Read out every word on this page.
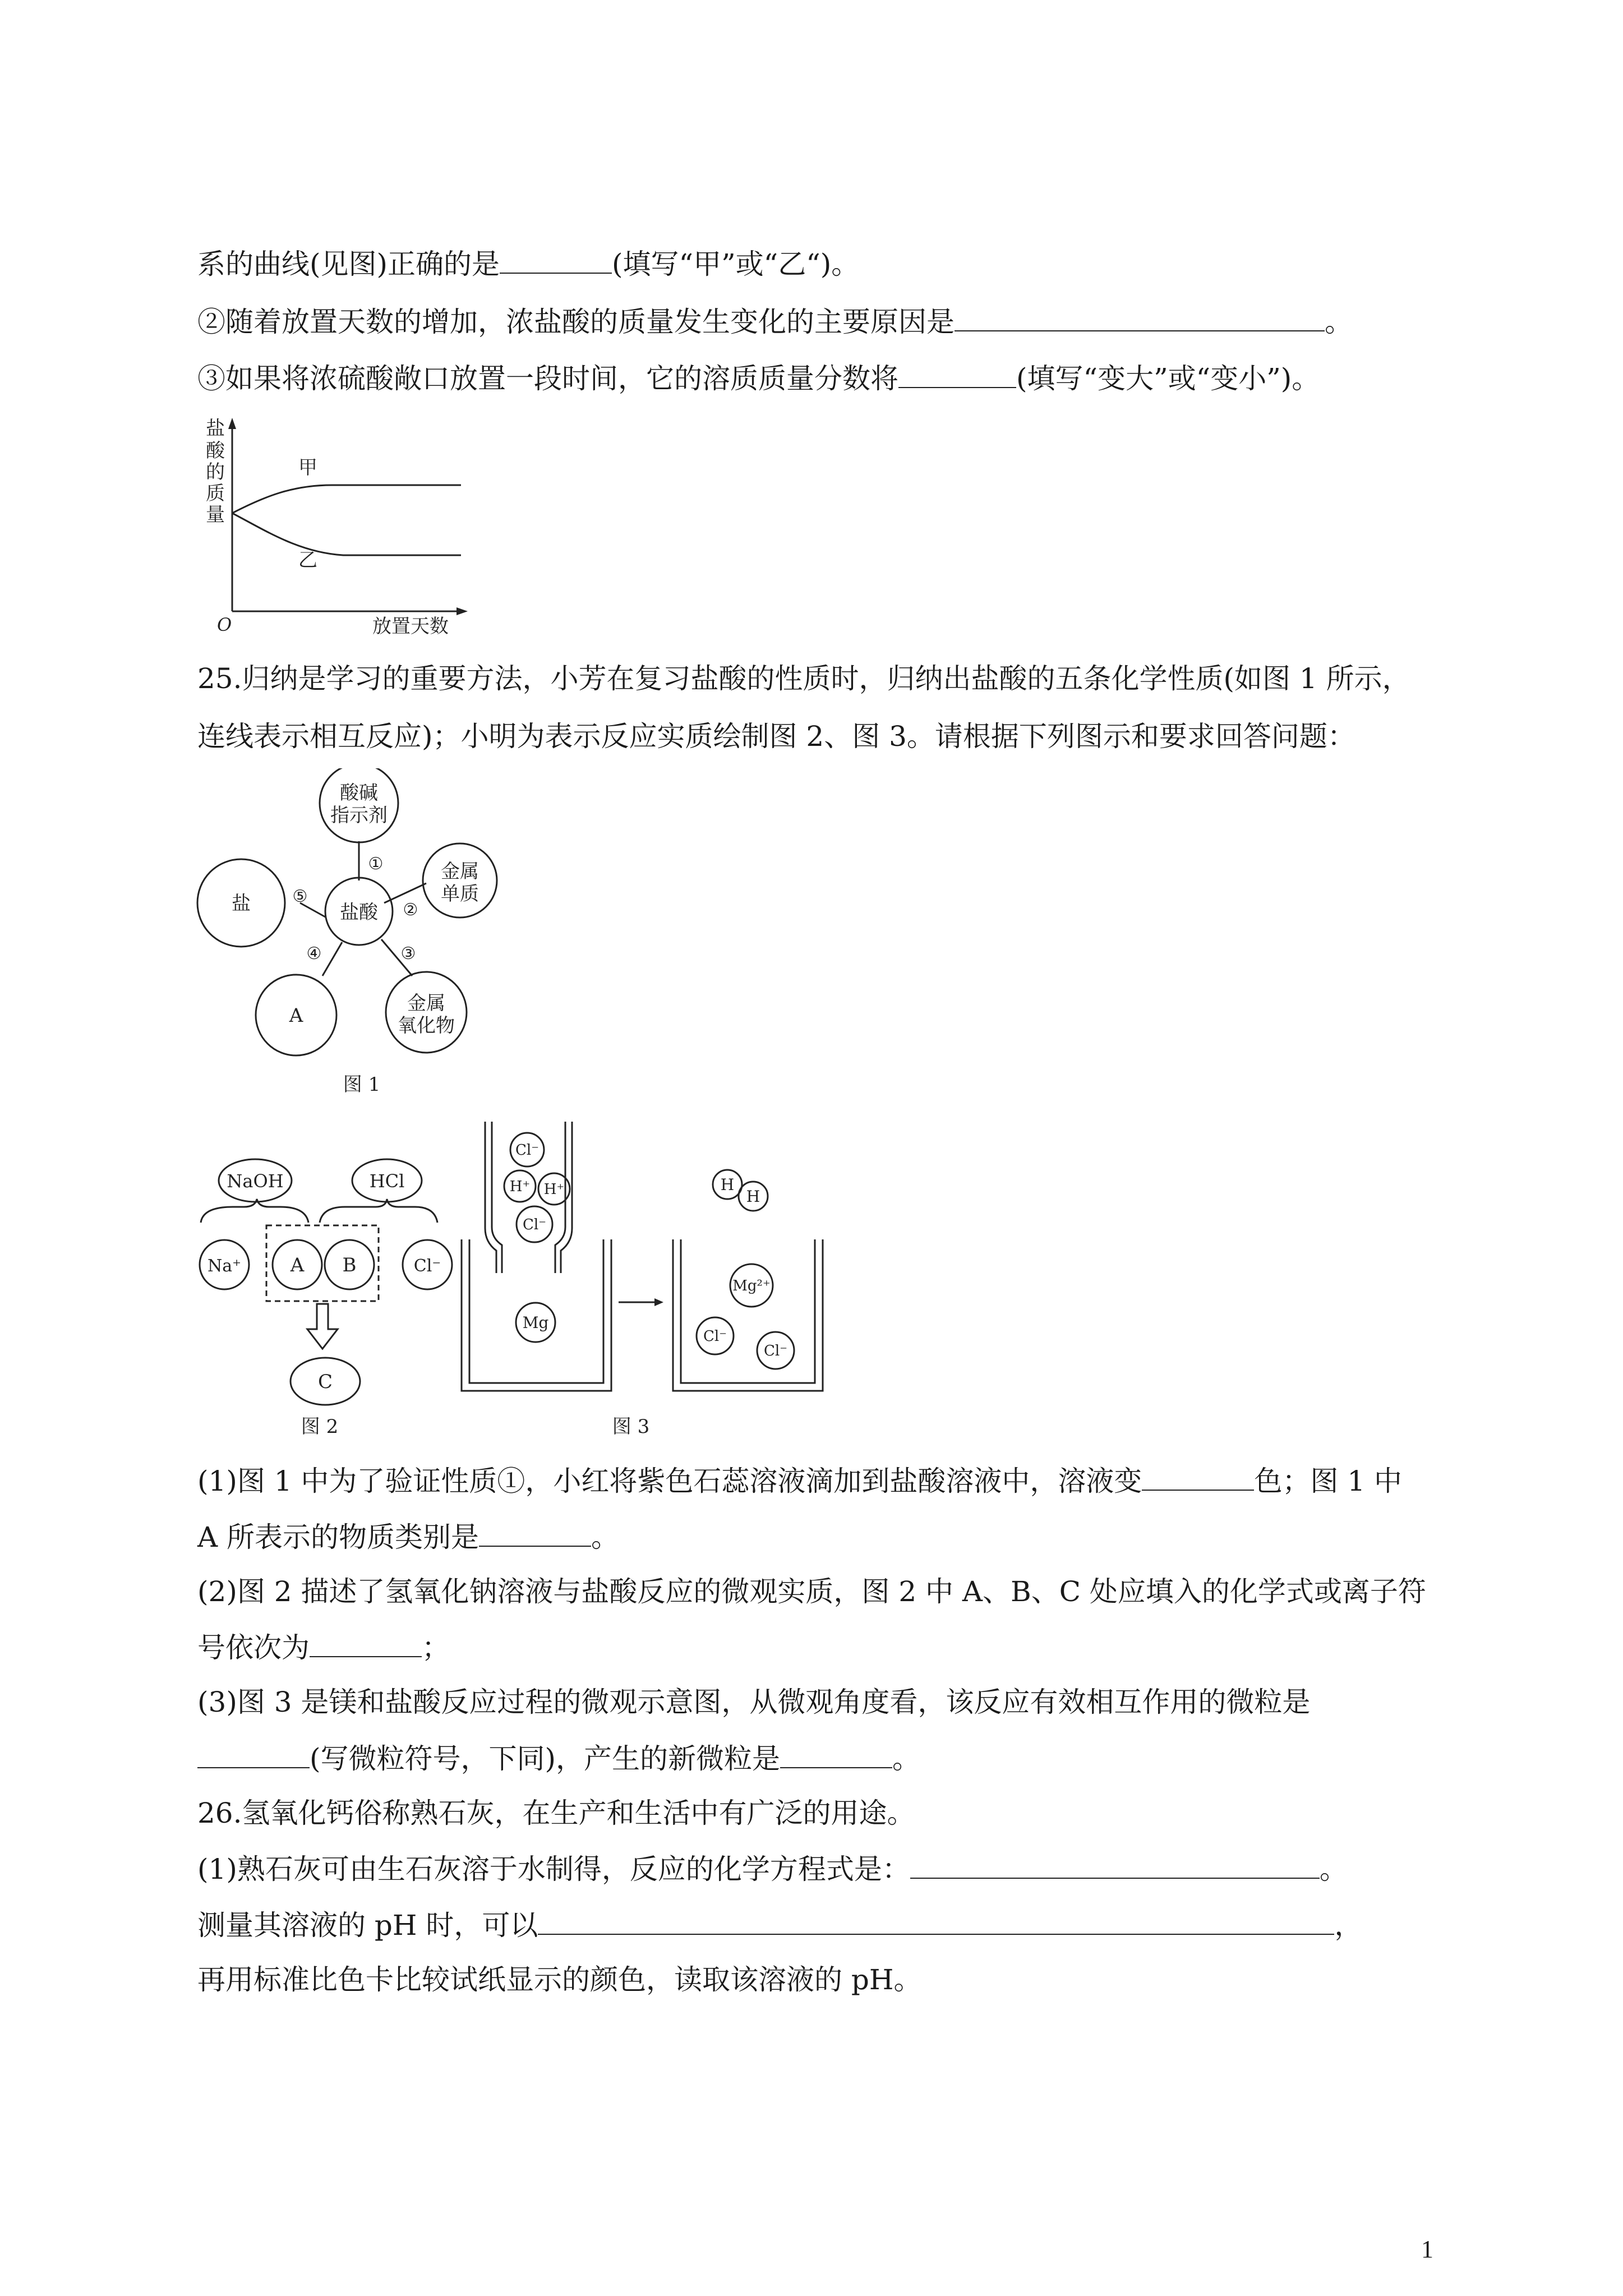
系的曲线(见图)正确的是	(填写“甲”或“乙“)。
②随着放置天数的增加，浓盐酸的质量发生变化的主要原因是	。
③如果将浓硫酸敞口放置一段时间，它的溶质质量分数将	(填写“变大”或“变小”)。
盐
酸
的
质
量
甲
乙
O	放置天数
25.归纳是学习的重要方法，小芳在复习盐酸的性质时，归纳出盐酸的五条化学性质(如图 1 所示，
连线表示相互反应)；小明为表示反应实质绘制图 2、图 3。请根据下列图示和要求回答问题：
酸碱
指示剂
盐酸
金属
单质
金属
氧化物
A
盐
①
②
③
④
⑤
图 1
NaOH	HCl
Na⁺	A B	Cl⁻
C
图 2
Cl⁻
H⁺ H⁺
Cl⁻
Mg
H
H
Mg²⁺
Cl⁻
Cl⁻
图 3
(1)图 1 中为了验证性质①，小红将紫色石蕊溶液滴加到盐酸溶液中，溶液变	色；图 1 中
A 所表示的物质类别是	。
(2)图 2 描述了氢氧化钠溶液与盐酸反应的微观实质，图 2 中 A、B、C 处应填入的化学式或离子符
号依次为	；
(3)图 3 是镁和盐酸反应过程的微观示意图，从微观角度看，该反应有效相互作用的微粒是
(写微粒符号，下同)，产生的新微粒是	。
26.氢氧化钙俗称熟石灰，在生产和生活中有广泛的用途。
(1)熟石灰可由生石灰溶于水制得，反应的化学方程式是：	。
测量其溶液的 pH 时，可以	，
再用标准比色卡比较试纸显示的颜色，读取该溶液的 pH。
1
